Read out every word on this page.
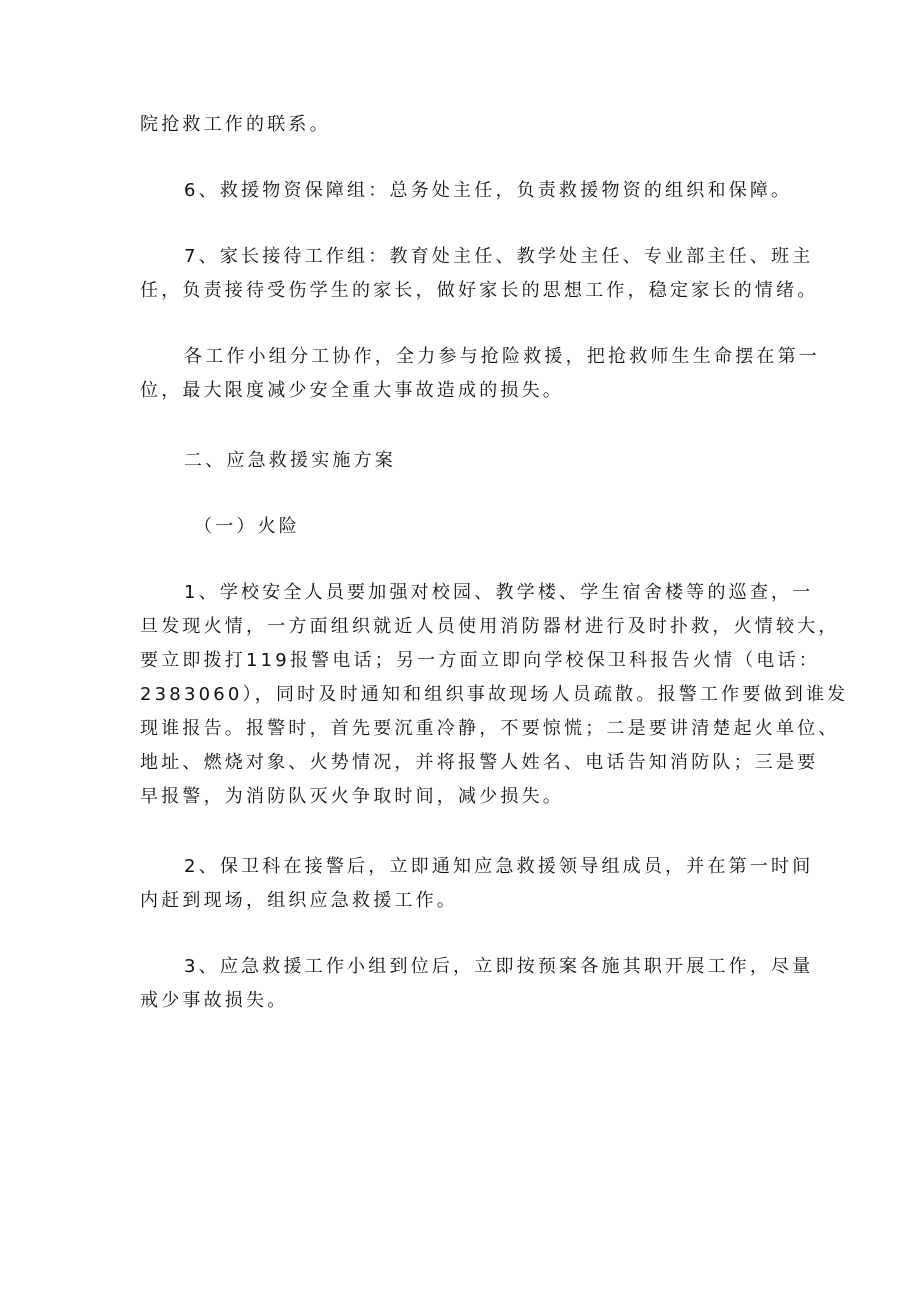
院抢救工作的联系。

6、救援物资保障组：总务处主任，负责救援物资的组织和保障。

7、家长接待工作组：教育处主任、教学处主任、专业部主任、班主
任，负责接待受伤学生的家长，做好家长的思想工作，稳定家长的情绪。

各工作小组分工协作，全力参与抢险救援，把抢救师生生命摆在第一
位，最大限度减少安全重大事故造成的损失。

二、应急救援实施方案

（一）火险

1、学校安全人员要加强对校园、教学楼、学生宿舍楼等的巡查，一
旦发现火情，一方面组织就近人员使用消防器材进行及时扑救，火情较大，
要立即拨打119报警电话；另一方面立即向学校保卫科报告火情（电话：
2383060），同时及时通知和组织事故现场人员疏散。报警工作要做到谁发
现谁报告。报警时，首先要沉重冷静，不要惊慌；二是要讲清楚起火单位、
地址、燃烧对象、火势情况，并将报警人姓名、电话告知消防队；三是要
早报警，为消防队灭火争取时间，减少损失。

2、保卫科在接警后，立即通知应急救援领导组成员，并在第一时间
内赶到现场，组织应急救援工作。

3、应急救援工作小组到位后，立即按预案各施其职开展工作，尽量
戒少事故损失。
